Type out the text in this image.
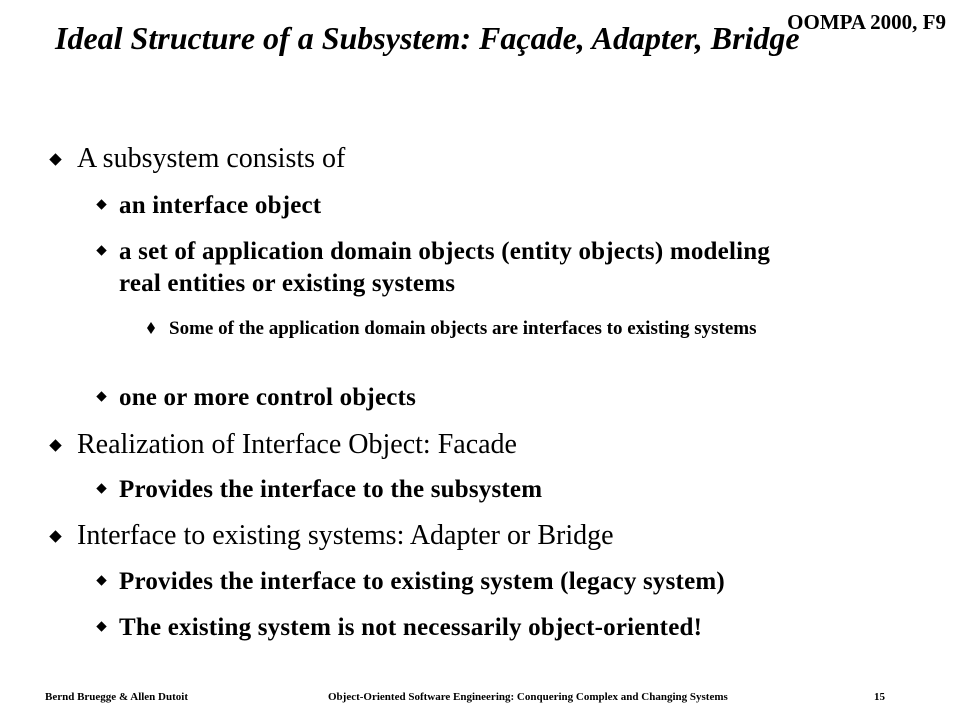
OOMPA 2000, F9
Ideal Structure of a Subsystem: Façade, Adapter, Bridge
A subsystem consists of
an interface object
a set of application domain objects (entity objects) modeling real entities or existing systems
Some of the application domain objects are interfaces to existing systems
one or more control objects
Realization of Interface Object: Facade
Provides the interface to the subsystem
Interface to existing systems: Adapter or Bridge
Provides the interface to existing system (legacy system)
The existing system is not necessarily object-oriented!
Bernd Bruegge & Allen Dutoit	Object-Oriented Software Engineering: Conquering Complex and Changing Systems	15
